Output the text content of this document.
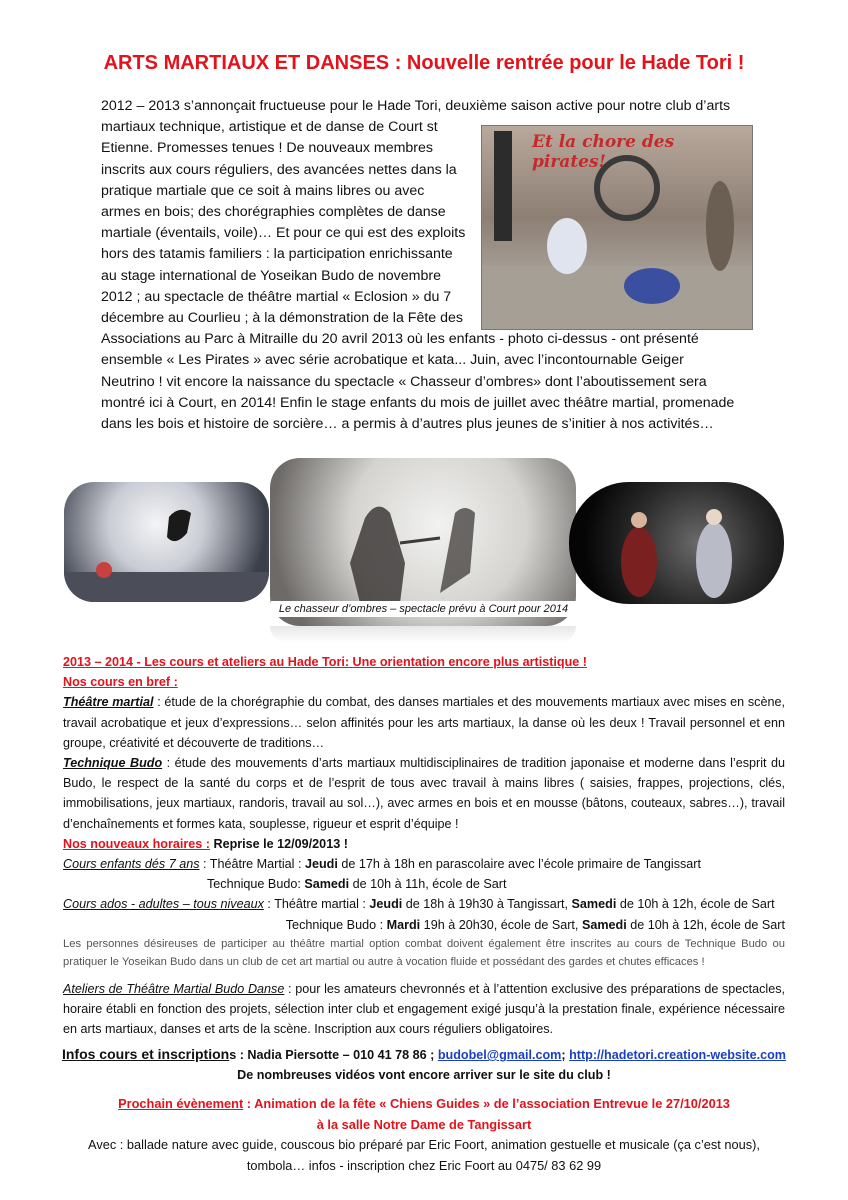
ARTS MARTIAUX ET DANSES : Nouvelle rentrée pour le Hade Tori !

2012 – 2013 s’annonçait fructueuse pour le Hade Tori, deuxième saison active pour notre club d’arts

martiaux technique, artistique et de danse de Court st

Etienne. Promesses tenues ! De nouveaux membres

inscrits aux cours réguliers, des avancées nettes dans la

pratique martiale que ce soit à mains libres ou avec

armes en bois; des chorégraphies complètes de danse

martiale (éventails, voile)… Et pour ce qui est des exploits

hors des tatamis familiers : la participation enrichissante

au stage international de Yoseikan Budo de novembre

2012 ; au spectacle de théâtre martial « Eclosion » du 7

décembre au Courlieu ; à la démonstration de la Fête des

Associations au Parc à Mitraille du 20 avril 2013 où les enfants - photo ci-dessus - ont présenté

ensemble « Les Pirates » avec série acrobatique et kata... Juin, avec l’incontournable Geiger

Neutrino ! vit encore la naissance du spectacle « Chasseur d’ombres» dont l’aboutissement sera

montré ici à Court, en 2014! Enfin le stage enfants du mois de juillet avec théâtre martial, promenade

dans les bois et histoire de sorcière… a permis à d’autres plus jeunes de s’initier à nos activités…

Et la chore des pirates!
Le chasseur d’ombres – spectacle prévu à Court pour 2014

2013 – 2014 - Les cours et ateliers au Hade Tori: Une orientation encore plus artistique !

Nos cours en bref :

Théâtre martial : étude de la chorégraphie du combat, des danses martiales et des mouvements martiaux avec mises en scène, travail acrobatique et jeux d’expressions… selon affinités pour les arts martiaux, la danse où les deux ! Travail personnel et enn groupe, créativité et découverte de traditions…

Technique Budo : étude des mouvements d’arts martiaux multidisciplinaires de tradition japonaise et moderne dans l’esprit du Budo, le respect de la santé du corps et de l’esprit de tous avec travail à mains libres ( saisies, frappes, projections, clés, immobilisations, jeux martiaux, randoris, travail au sol…), avec armes en bois et en mousse (bâtons, couteaux, sabres…), travail d’enchaînements et formes kata, souplesse, rigueur et esprit d’équipe !

Nos nouveaux horaires : Reprise le 12/09/2013 !

Cours enfants dés 7 ans : Théâtre Martial : Jeudi de 17h à 18h en parascolaire avec l’école primaire de Tangissart

Technique Budo: Samedi de 10h à 11h, école de Sart

Cours ados - adultes – tous niveaux : Théâtre martial : Jeudi de 18h à 19h30 à Tangissart, Samedi de 10h à 12h, école de Sart

Technique Budo : Mardi 19h à 20h30, école de Sart, Samedi de 10h à 12h, école de Sart

Les personnes désireuses de participer au théâtre martial option combat doivent également être inscrites au cours de Technique Budo ou pratiquer le Yoseikan Budo dans un club de cet art martial ou autre à vocation fluide et possédant des gardes et chutes efficaces !

Ateliers de Théâtre Martial Budo Danse : pour les amateurs chevronnés et à l’attention exclusive des préparations de spectacles, horaire établi en fonction des projets, sélection inter club et engagement exigé jusqu’à la prestation finale, expérience nécessaire en arts martiaux, danses et arts de la scène. Inscription aux cours réguliers obligatoires.

Infos cours et inscriptions : Nadia Piersotte – 010 41 78 86 ; budobel@gmail.com; http://hadetori.creation-website.com

De nombreuses vidéos vont encore arriver sur le site du club !

Prochain évènement : Animation de la fête « Chiens Guides » de l’association Entrevue le 27/10/2013

à la salle Notre Dame de Tangissart

Avec : ballade nature avec guide, couscous bio préparé par Eric Foort, animation gestuelle et musicale (ça c’est nous),

tombola… infos - inscription chez Eric Foort au 0475/ 83 62 99
